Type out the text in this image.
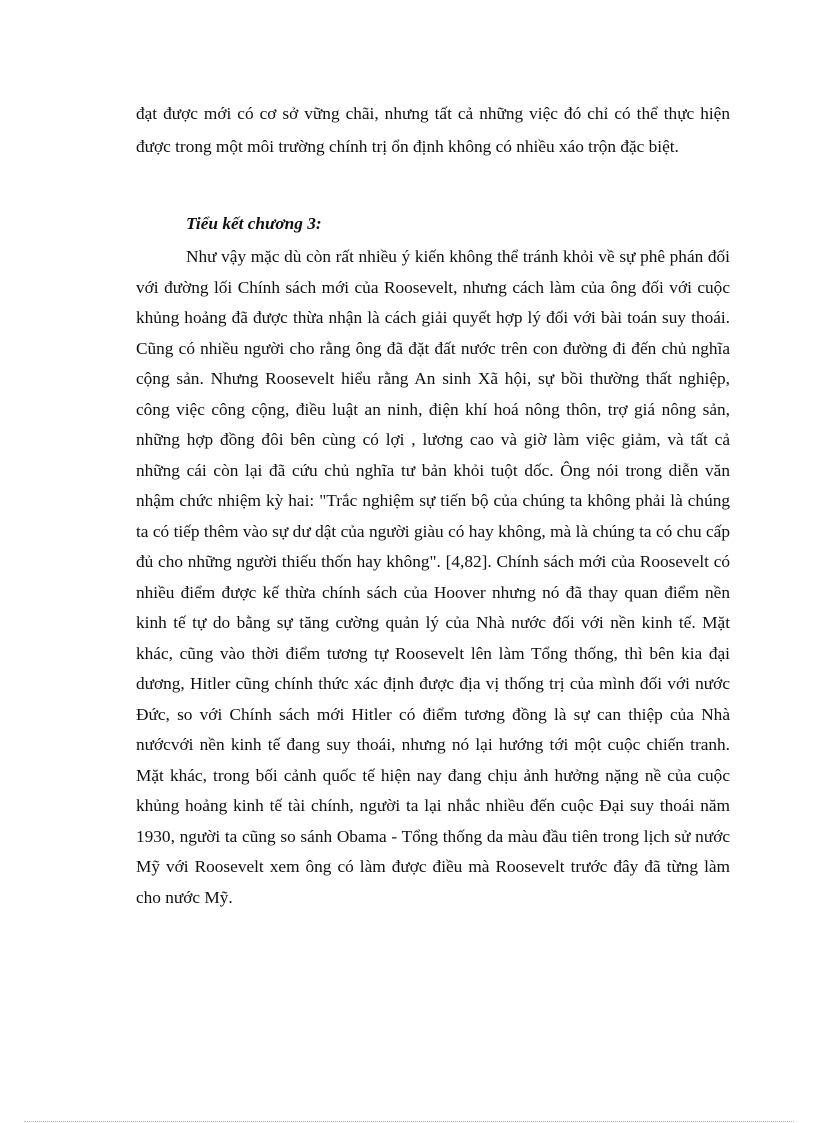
đạt được mới có cơ sở vững chãi, nhưng tất cả những việc đó chỉ có thể thực hiện được trong một môi trường chính trị ổn định không có nhiều xáo trộn đặc biệt.

Tiểu kết chương 3:

Như vậy mặc dù còn rất nhiều ý kiến không thể tránh khỏi về sự phê phán đối với đường lối Chính sách mới của Roosevelt, nhưng cách làm của ông đối với cuộc khủng hoảng đã được thừa nhận là cách giải quyết hợp lý đối với bài toán suy thoái. Cũng có nhiều người cho rằng ông đã đặt đất nước trên con đường đi đến chủ nghĩa cộng sản. Nhưng Roosevelt hiểu rằng An sinh Xã hội, sự bồi thường thất nghiệp, công việc công cộng, điều luật an ninh, điện khí hoá nông thôn, trợ giá nông sản, những hợp đồng đôi bên cùng có lợi , lương cao và giờ làm việc giảm, và tất cả những cái còn lại đã cứu chủ nghĩa tư bản khỏi tuột dốc. Ông nói trong diễn văn nhậm chức nhiệm kỳ hai: "Trắc nghiệm sự tiến bộ của chúng ta không phải là chúng ta có tiếp thêm vào sự dư dật của người giàu có hay không, mà là chúng ta có chu cấp đủ cho những người thiếu thốn hay không". [4,82]. Chính sách mới của Roosevelt có nhiều điểm được kế thừa chính sách của Hoover nhưng nó đã thay quan điểm nền kinh tế tự do bằng sự tăng cường quản lý của Nhà nước đối với nền kinh tế. Mặt khác, cũng vào thời điểm tương tự Roosevelt lên làm Tổng thống, thì bên kia đại dương, Hitler cũng chính thức xác định được địa vị thống trị của mình đối với nước Đức, so với Chính sách mới Hitler có điểm tương đồng là sự can thiệp của Nhà nướcvới nền kinh tế đang suy thoái, nhưng nó lại hướng tới một cuộc chiến tranh. Mặt khác, trong bối cảnh quốc tế hiện nay đang chịu ảnh hưởng nặng nề của cuộc khủng hoảng kinh tế tài chính, người ta lại nhắc nhiều đến cuộc Đại suy thoái năm 1930, người ta cũng so sánh Obama - Tổng thống da màu đầu tiên trong lịch sử nước Mỹ với Roosevelt xem ông có làm được điều mà Roosevelt trước đây đã từng làm cho nước Mỹ.
